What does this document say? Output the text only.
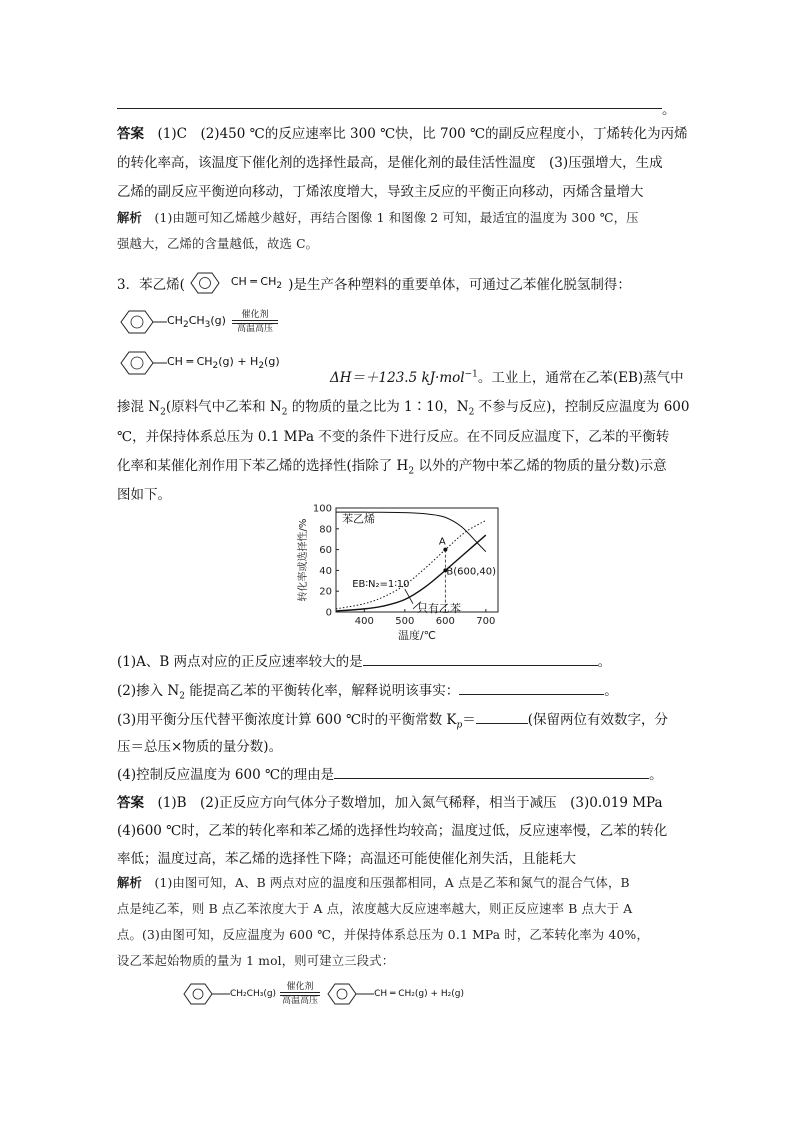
。
答案　 (1)C　(2)450 ℃的反应速率比 300 ℃快，比 700 ℃的副反应程度小，丁烯转化为丙烯
的转化率高，该温度下催化剂的选择性最高，是催化剂的最佳活性温度　(3)压强增大，生成
乙烯的副反应平衡逆向移动，丁烯浓度增大，导致主反应的平衡正向移动，丙烯含量增大
解析　 (1)由题可知乙烯越少越好，再结合图像 1 和图像 2 可知，最适宜的温度为 300 ℃，压
强越大，乙烯的含量越低，故选 C。
3．苯乙烯(	CH ═ $CH_2$ )是生产各种塑料的重要单体，可通过乙苯催化脱氢制得：
$CH_2CH_3(g)$ 催化剂
高温高压
CH ═ $CH_2(g) + H_2(g)$
ΔH＝＋123.5 kJ·mol$^{-1}$。工业上，通常在乙苯(EB)蒸气中
掺混 $N_2$(原料气中乙苯和 $N_2$ 的物质的量之比为 1∶10，$N_2$ 不参与反应)，控制反应温度为 600
℃，并保持体系总压为 0.1 MPa 不变的条件下进行反应。在不同反应温度下，乙苯的平衡转
化率和某催化剂作用下苯乙烯的选择性(指除了 $H_2$ 以外的产物中苯乙烯的物质的量分数)示意
图如下。
0
20
40
60
80
100
400 500 600 700
温度/℃
转化率或选择性/%	A
B(600,40)
苯乙烯
EB∶N₂=1∶10
只有乙苯
(1)A、B 两点对应的正反应速率较大的是	。
(2)掺入 $N_2$ 能提高乙苯的平衡转化率，解释说明该事实：	。
(3)用平衡分压代替平衡浓度计算 600 ℃时的平衡常数 $K_p=$	(保留两位有效数字，分
压＝总压×物质的量分数)。
(4)控制反应温度为 600 ℃的理由是	。
答案　 (1)B　(2)正反应方向气体分子数增加，加入氮气稀释，相当于减压　(3)0.019 MPa
(4)600 ℃时，乙苯的转化率和苯乙烯的选择性均较高；温度过低，反应速率慢，乙苯的转化
率低；温度过高，苯乙烯的选择性下降；高温还可能使催化剂失活，且能耗大
解析　 (1)由图可知，A、B 两点对应的温度和压强都相同，A 点是乙苯和氮气的混合气体，B
点是纯乙苯，则 B 点乙苯浓度大于 A 点，浓度越大反应速率越大，则正反应速率 B 点大于 A
点。(3)由图可知，反应温度为 600 ℃，并保持体系总压为 0.1 MPa 时，乙苯转化率为 40%，
设乙苯起始物质的量为 1 mol，则可建立三段式：
CH₂CH₃(g)
催化剂
高温高压
CH ═ CH₂(g) + H₂(g)
